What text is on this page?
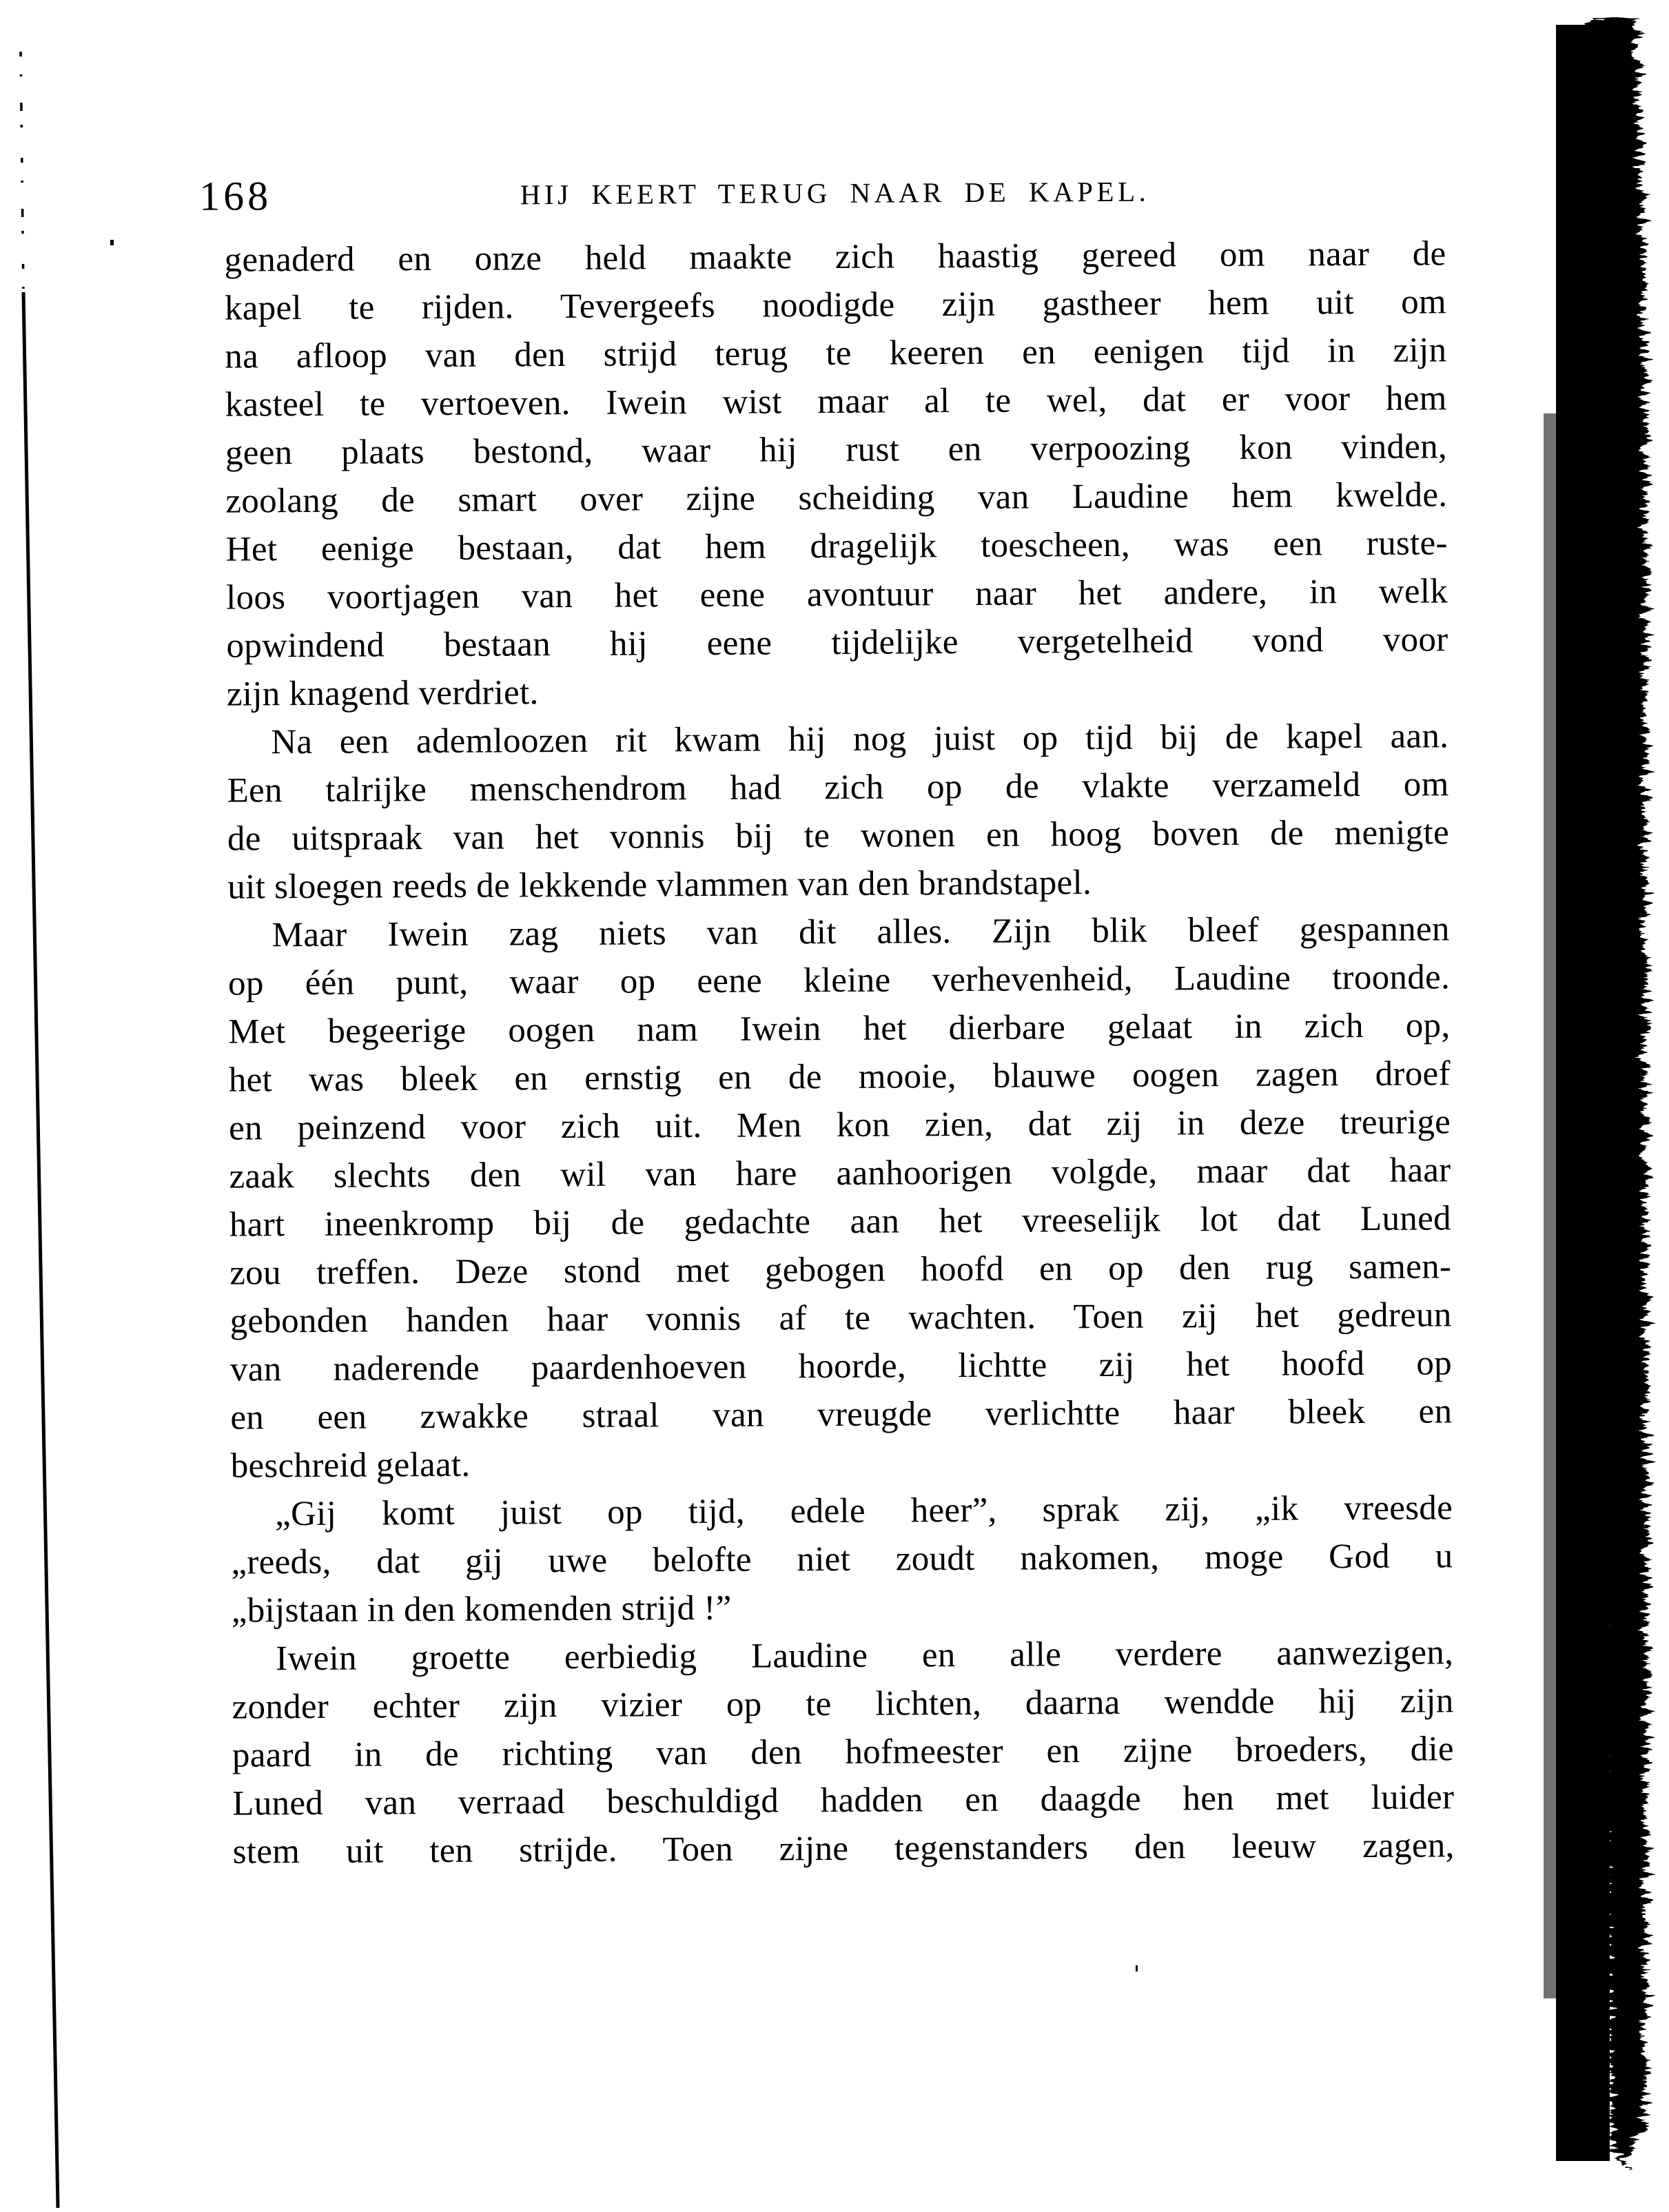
168	HIJ KEERT TERUG NAAR DE KAPEL.
genaderd en onze held maakte zich haastig gereed om naar de
kapel te rijden. Tevergeefs noodigde zijn gastheer hem uit om
na afloop van den strijd terug te keeren en eenigen tijd in zijn
kasteel te vertoeven. Iwein wist maar al te wel, dat er voor hem
geen plaats bestond, waar hij rust en verpoozing kon vinden,
zoolang de smart over zijne scheiding van Laudine hem kwelde.
Het eenige bestaan, dat hem dragelijk toescheen, was een ruste-
loos voortjagen van het eene avontuur naar het andere, in welk
opwindend bestaan hij eene tijdelijke vergetelheid vond voor
zijn knagend verdriet.
Na een ademloozen rit kwam hij nog juist op tijd bij de kapel aan.
Een talrijke menschendrom had zich op de vlakte verzameld om
de uitspraak van het vonnis bij te wonen en hoog boven de menigte
uit sloegen reeds de lekkende vlammen van den brandstapel.
Maar Iwein zag niets van dit alles. Zijn blik bleef gespannen
op één punt, waar op eene kleine verhevenheid, Laudine troonde.
Met begeerige oogen nam Iwein het dierbare gelaat in zich op,
het was bleek en ernstig en de mooie, blauwe oogen zagen droef
en peinzend voor zich uit. Men kon zien, dat zij in deze treurige
zaak slechts den wil van hare aanhoorigen volgde, maar dat haar
hart ineenkromp bij de gedachte aan het vreeselijk lot dat Luned
zou treffen. Deze stond met gebogen hoofd en op den rug samen-
gebonden handen haar vonnis af te wachten. Toen zij het gedreun
van naderende paardenhoeven hoorde, lichtte zij het hoofd op
en een zwakke straal van vreugde verlichtte haar bleek en
beschreid gelaat.
„Gij komt juist op tijd, edele heer”, sprak zij, „ik vreesde
„reeds, dat gij uwe belofte niet zoudt nakomen, moge God u
„bijstaan in den komenden strijd !”
Iwein groette eerbiedig Laudine en alle verdere aanwezigen,
zonder echter zijn vizier op te lichten, daarna wendde hij zijn
paard in de richting van den hofmeester en zijne broeders, die
Luned van verraad beschuldigd hadden en daagde hen met luider
stem uit ten strijde. Toen zijne tegenstanders den leeuw zagen,
